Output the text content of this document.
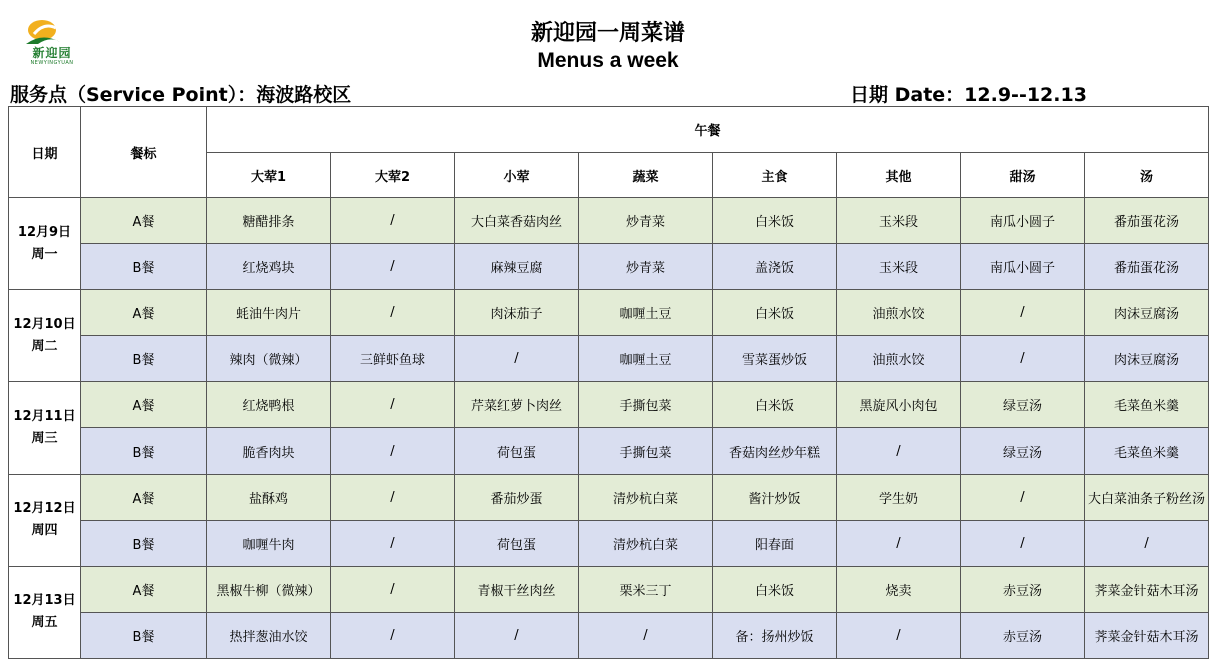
新迎园
NEWYINGYUAN
新迎园一周菜谱
Menus a week
服务点（Service Point）：海波路校区	日期 Date：12.9--12.13
日期	餐标	午餐							
		大荤1	大荤2	小荤	蔬菜	主食	其他	甜汤	汤

12月9日
周一	A餐	糖醋排条	/	大白菜香菇肉丝	炒青菜	白米饭	玉米段	南瓜小圆子	番茄蛋花汤
	B餐	红烧鸡块	/	麻辣豆腐	炒青菜	盖浇饭	玉米段	南瓜小圆子	番茄蛋花汤

12月10日
周二	A餐	蚝油牛肉片	/	肉沫茄子	咖喱土豆	白米饭	油煎水饺	/	肉沫豆腐汤
	B餐	辣肉（微辣）	三鲜虾鱼球	/	咖喱土豆	雪菜蛋炒饭	油煎水饺	/	肉沫豆腐汤

12月11日
周三	A餐	红烧鸭根	/	芹菜红萝卜肉丝	手撕包菜	白米饭	黑旋风小肉包	绿豆汤	毛菜鱼米羹
	B餐	脆香肉块	/	荷包蛋	手撕包菜	香菇肉丝炒年糕	/	绿豆汤	毛菜鱼米羹

12月12日
周四	A餐	盐酥鸡	/	番茄炒蛋	清炒杭白菜	酱汁炒饭	学生奶	/	大白菜油条子粉丝汤
	B餐	咖喱牛肉	/	荷包蛋	清炒杭白菜	阳春面	/	/	/

12月13日
周五	A餐	黑椒牛柳（微辣）	/	青椒干丝肉丝	栗米三丁	白米饭	烧卖	赤豆汤	荠菜金针菇木耳汤
	B餐	热拌葱油水饺	/	/	/	备：扬州炒饭	/	赤豆汤	荠菜金针菇木耳汤
